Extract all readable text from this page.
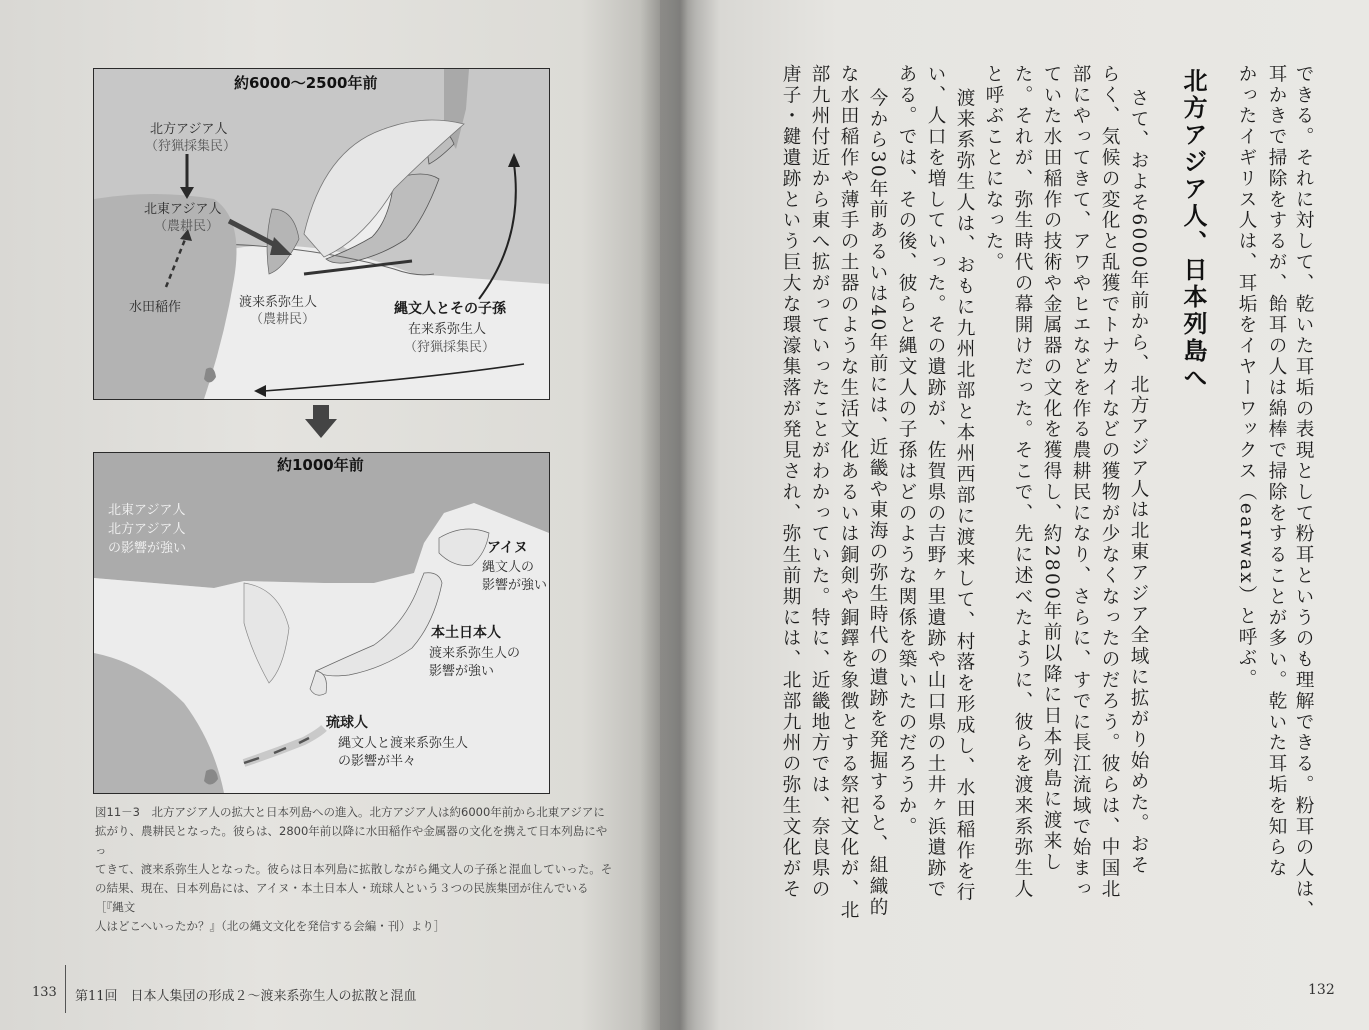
約6000～2500年前
北方アジア人
（狩猟採集民）
北東アジア人
（農耕民）
水田稲作	渡来系弥生人
（農耕民）
縄文人とその子孫
在来系弥生人
（狩猟採集民）
約1000年前
北東アジア人
北方アジア人
の影響が強い	アイヌ
縄文人の
影響が強い
本土日本人
渡来系弥生人の
影響が強い
琉球人
縄文人と渡来系弥生人
の影響が半々
図11－3　北方アジア人の拡大と日本列島への進入。北方アジア人は約6000年前から北東アジアに
拡がり、農耕民となった。彼らは、2800年前以降に水田稲作や金属器の文化を携えて日本列島にやっ
てきて、渡来系弥生人となった。彼らは日本列島に拡散しながら縄文人の子孫と混血していった。そ
の結果、現在、日本列島には、アイヌ・本土日本人・琉球人という３つの民族集団が住んでいる［『縄文
人はどこへいったか？』（北の縄文文化を発信する会編・刊）より］
133 第11回　日本人集団の形成２～渡来系弥生人の拡散と混血	132
北方アジア人、日本列島へ	できる。それに対して、乾いた耳垢の表現として粉耳というのも理解できる。粉耳の人は、
耳かきで掃除をするが、飴耳の人は綿棒で掃除をすることが多い。乾いた耳垢を知らな
かったイギリス人は、耳垢をイヤーワックス（earwax）と呼ぶ。
さて、およそ6000年前から、北方アジア人は北東アジア全域に拡がり始めた。おそ
らく、気候の変化と乱獲でトナカイなどの獲物が少なくなったのだろう。彼らは、中国北
部にやってきて、アワやヒエなどを作る農耕民になり、さらに、すでに長江流域で始まっ
ていた水田稲作の技術や金属器の文化を獲得し、約2800年前以降に日本列島に渡来し
た。それが、弥生時代の幕開けだった。そこで、先に述べたように、彼らを渡来系弥生人
と呼ぶことになった。
渡来系弥生人は、おもに九州北部と本州西部に渡来して、村落を形成し、水田稲作を行
い、人口を増していった。その遺跡が、佐賀県の吉野ヶ里遺跡や山口県の土井ヶ浜遺跡で
ある。では、その後、彼らと縄文人の子孫はどのような関係を築いたのだろうか。
今から30年前あるいは40年前には、近畿や東海の弥生時代の遺跡を発掘すると、組織的
な水田稲作や薄手の土器のような生活文化あるいは銅剣や銅鐸を象徴とする祭祀文化が、北
部九州付近から東へ拡がっていったことがわかっていた。特に、近畿地方では、奈良県の
唐子・鍵遺跡という巨大な環濠集落が発見され、弥生前期には、北部九州の弥生文化がそ
